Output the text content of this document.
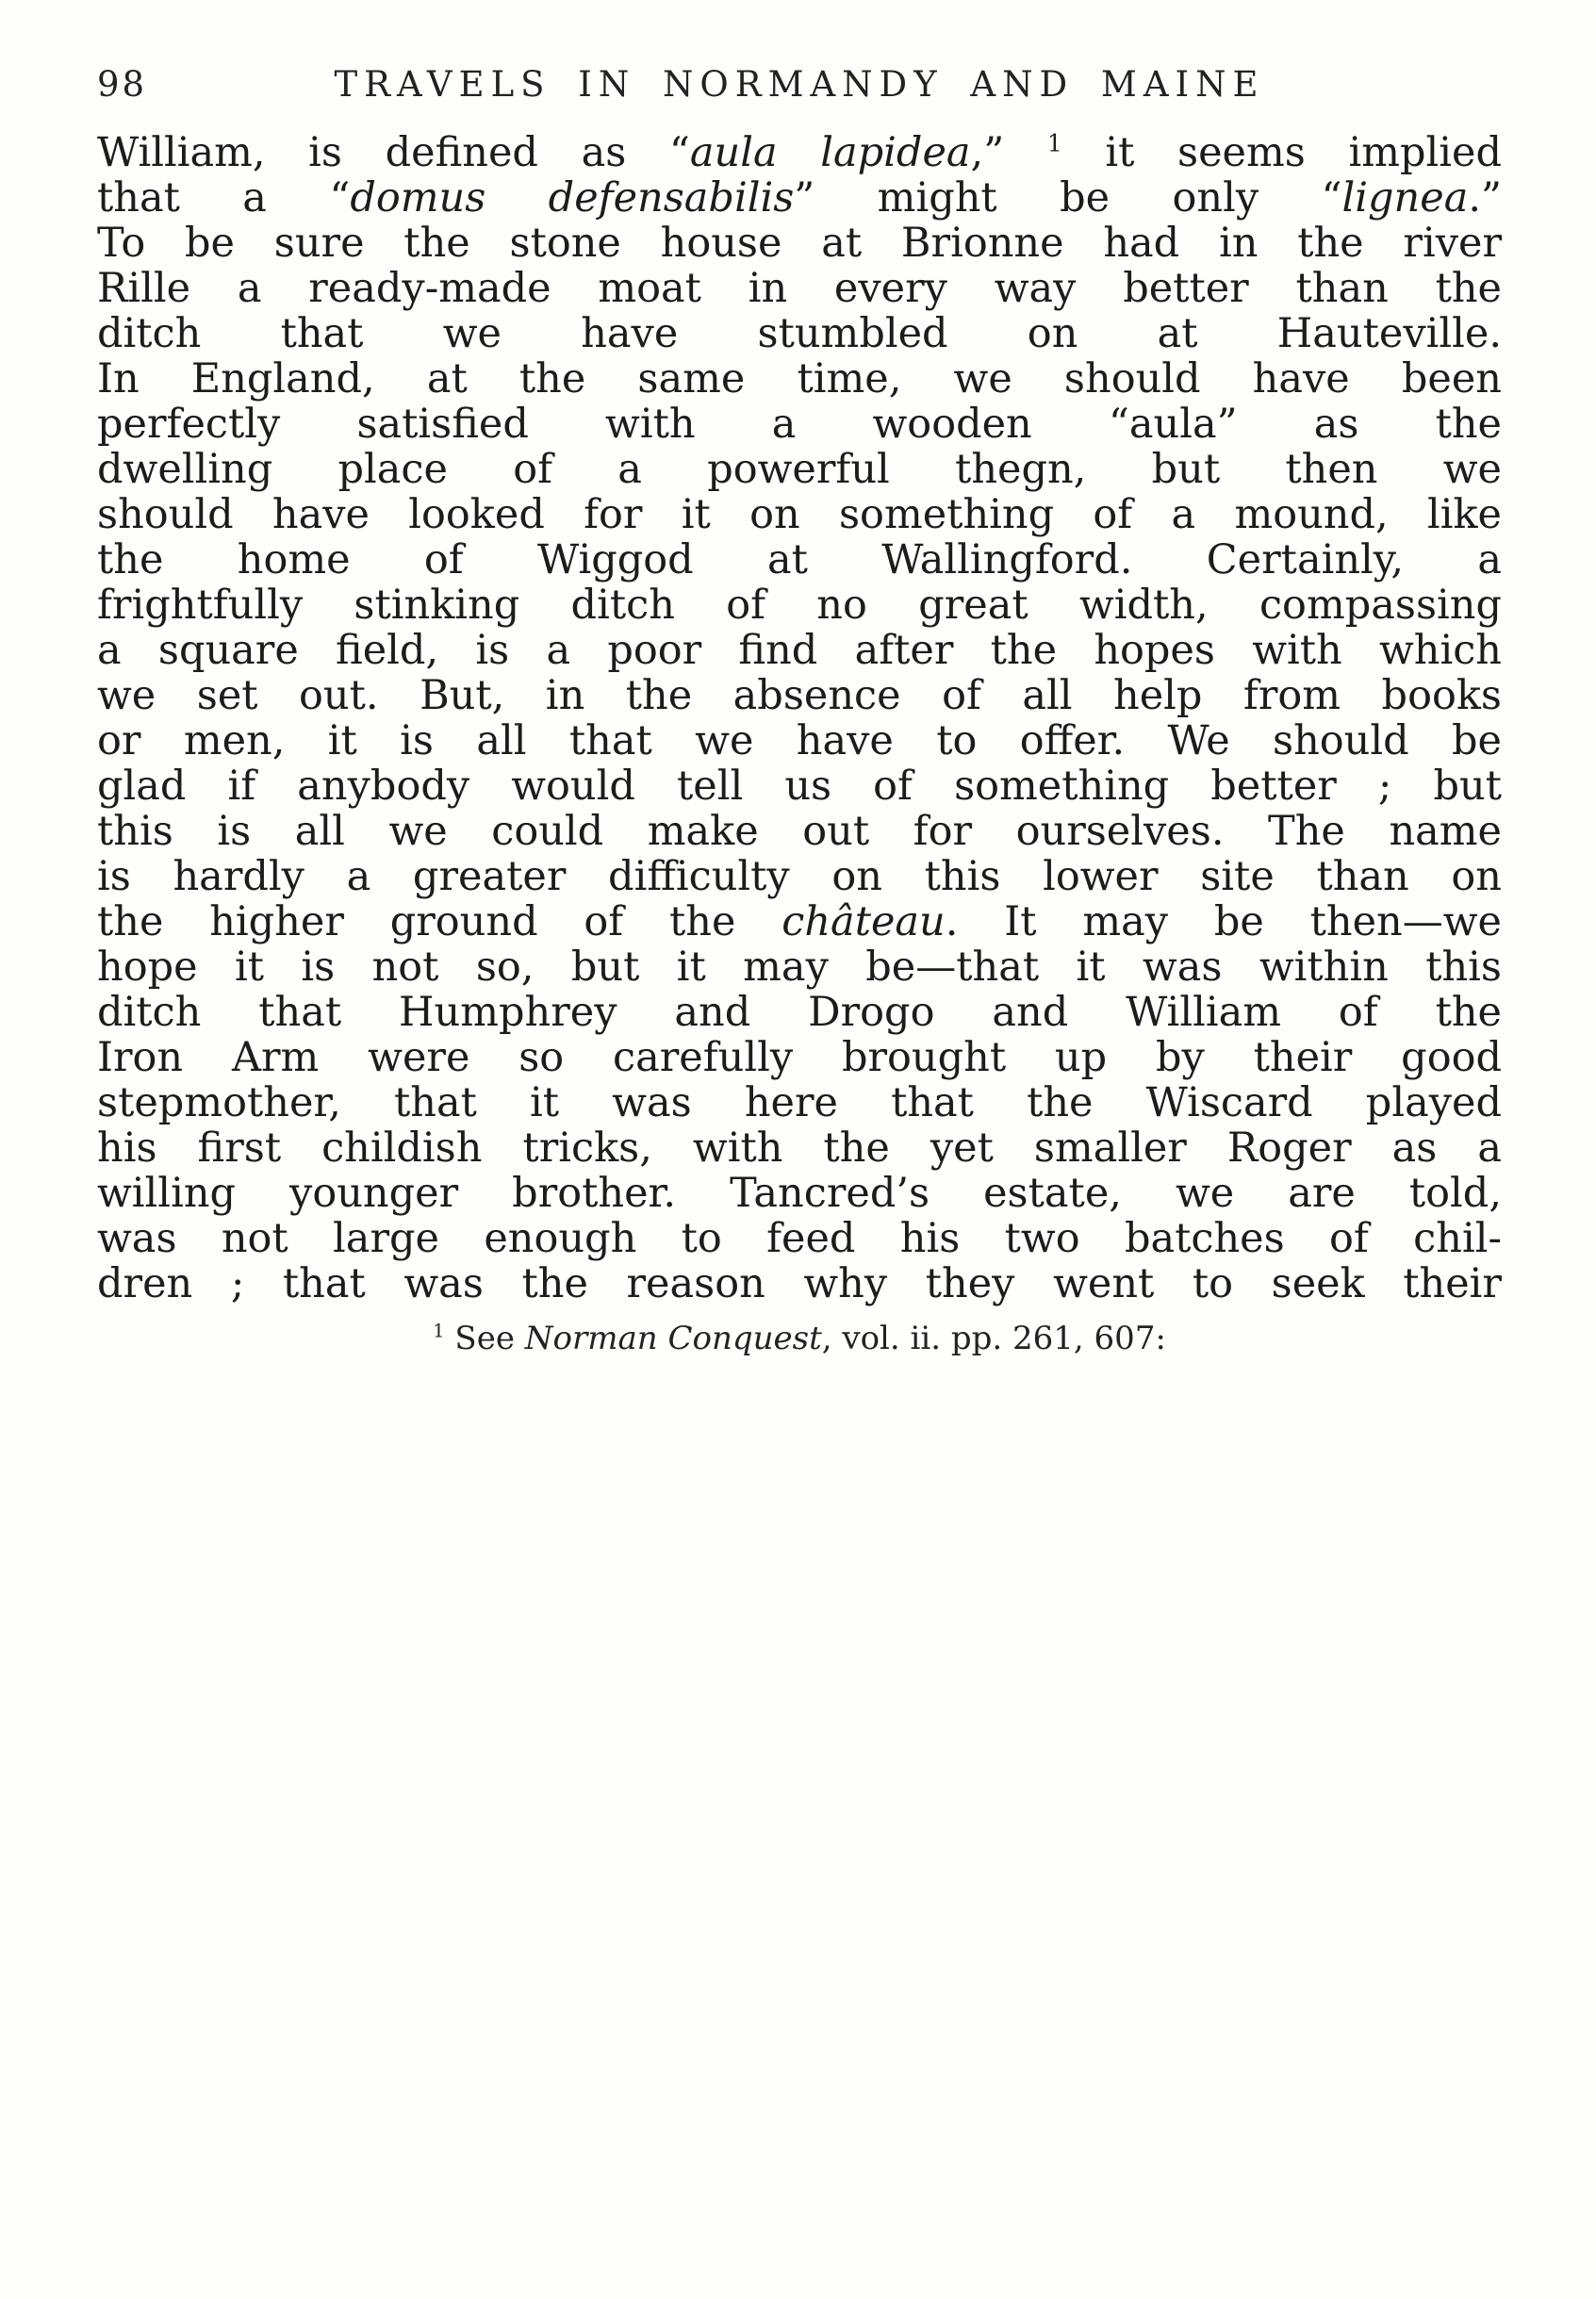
98	TRAVELS IN NORMANDY AND MAINE
William, is defined as “aula lapidea,” $^1$ it seems implied
that a “domus defensabilis” might be only “lignea.”
To be sure the stone house at Brionne had in the river
Rille a ready-made moat in every way better than the
ditch that we have stumbled on at Hauteville.
In England, at the same time, we should have been
perfectly satisfied with a wooden “aula” as the
dwelling place of a powerful thegn, but then we
should have looked for it on something of a mound, like
the home of Wiggod at Wallingford. Certainly, a
frightfully stinking ditch of no great width, compassing
a square field, is a poor find after the hopes with which
we set out. But, in the absence of all help from books
or men, it is all that we have to offer. We should be
glad if anybody would tell us of something better ; but
this is all we could make out for ourselves. The name
is hardly a greater difficulty on this lower site than on
the higher ground of the château. It may be then—we
hope it is not so, but it may be—that it was within this
ditch that Humphrey and Drogo and William of the
Iron Arm were so carefully brought up by their good
stepmother, that it was here that the Wiscard played
his first childish tricks, with the yet smaller Roger as a
willing younger brother. Tancred’s estate, we are told,
was not large enough to feed his two batches of chil-
dren ; that was the reason why they went to seek their
$^1$ See Norman Conquest, vol. ii. pp. 261, 607:
